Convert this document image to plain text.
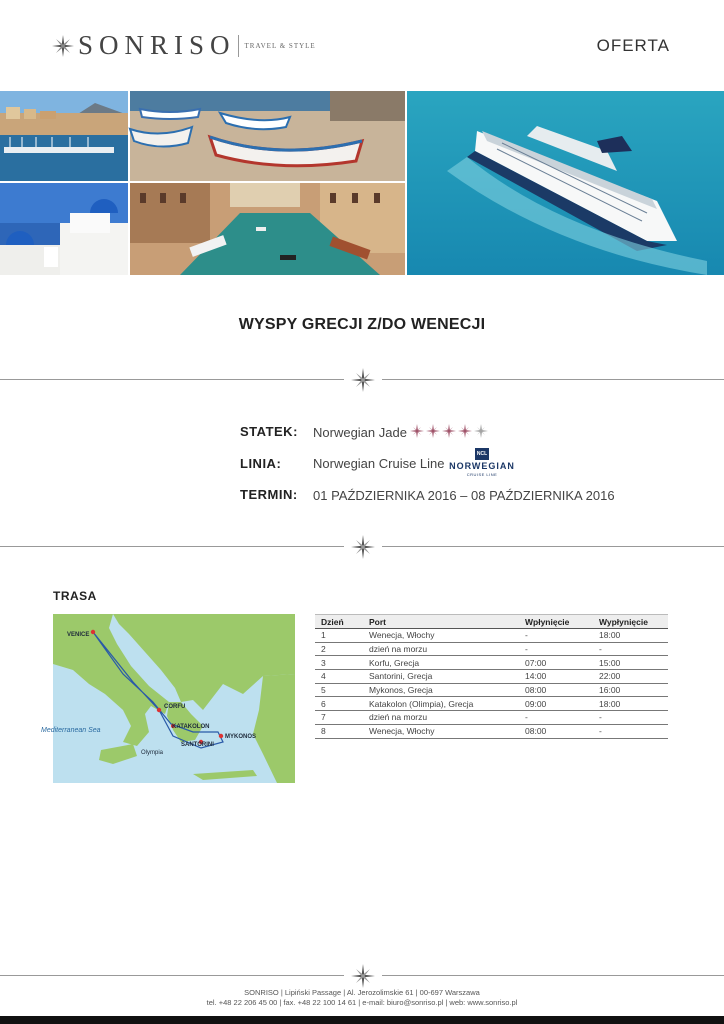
SONRISO TRAVEL & STYLE	OFERTA
WYSPY GRECJI Z/DO WENECJI
STATEK: Norwegian Jade
LINIA: Norwegian Cruise Line
NCL
NORWEGIAN
CRUISE LINE
TERMIN: 01 PAŹDZIERNIKA 2016 – 08 PAŹDZIERNIKA 2016
TRASA
VENICE
CORFU
KATAKOLON
SANTORINI
MYKONOS
Olympia
Mediterranean Sea
Dzień	Port	Wpłynięcie	Wypłynięcie
1	Wenecja, Włochy	-	18:00
2	dzień na morzu	-	-
3	Korfu, Grecja	07:00	15:00
4	Santorini, Grecja	14:00	22:00
5	Mykonos, Grecja	08:00	16:00
6	Katakolon (Olimpia), Grecja	09:00	18:00
7	dzień na morzu	-	-
8	Wenecja, Włochy	08:00	-
SONRISO | Lipiński Passage | Al. Jerozolimskie 61 | 00-697 Warszawa
tel. +48 22 206 45 00 | fax. +48 22 100 14 61 | e-mail: biuro@sonriso.pl | web: www.sonriso.pl
